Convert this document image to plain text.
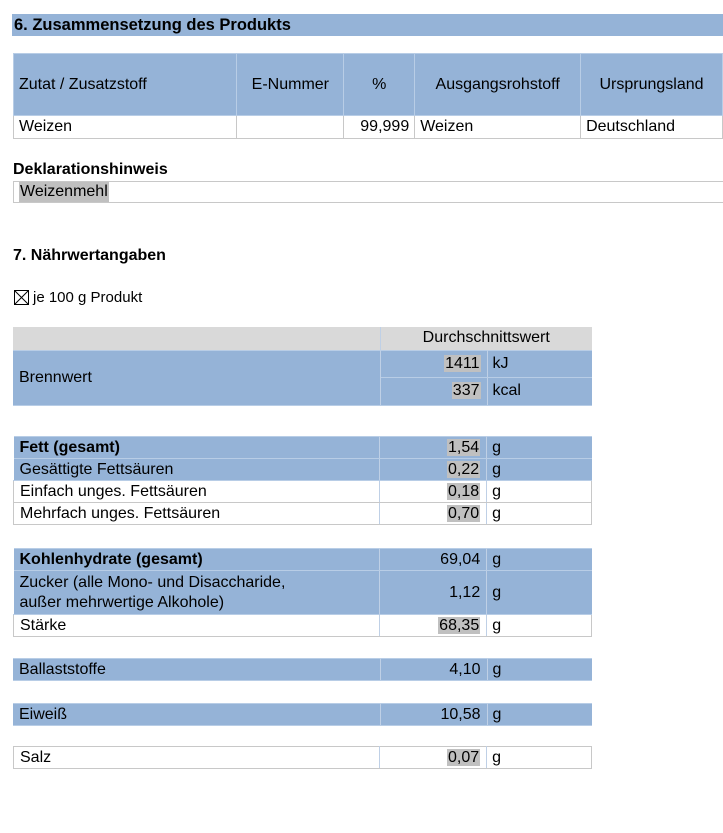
6. Zusammensetzung des Produkts
Zutat / Zusatzstoff	E-Nummer	%	Ausgangsrohstoff	Ursprungsland
Weizen		99,999	Weizen	Deutschland
Deklarationshinweis
Weizenmehl
7. Nährwertangaben
je 100 g Produkt
	Durchschnittswert	
Brennwert	1411	kJ
	337	kcal
Fett (gesamt)	1,54	g
Gesättigte Fettsäuren	0,22	g
Einfach unges. Fettsäuren	0,18	g
Mehrfach unges. Fettsäuren	0,70	g
Kohlenhydrate (gesamt)	69,04	g

Zucker (alle Mono- und Disaccharide,
außer mehrwertige Alkohole)	1,12	g
Stärke	68,35	g
Ballaststoffe	4,10	g
Eiweiß	10,58	g
Salz	0,07	g
